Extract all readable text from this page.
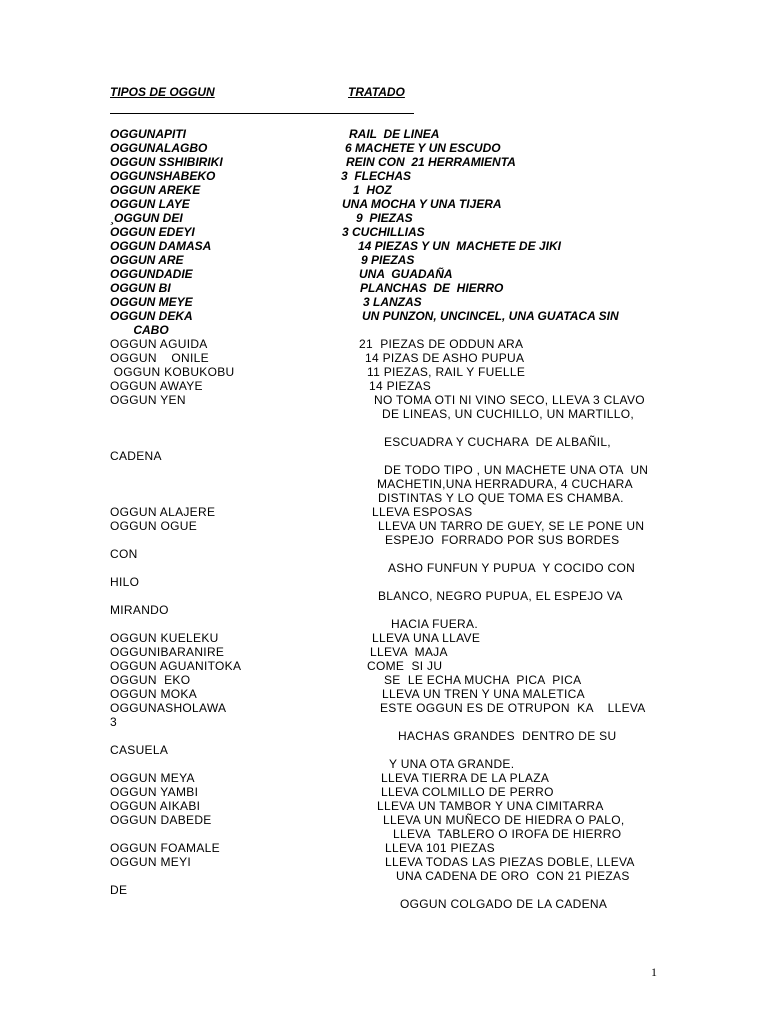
TIPOS DE OGGUN	TRATADO
OGGUNAPITI	RAIL  DE LINEA
OGGUNALAGBO	6 MACHETE Y UN ESCUDO
OGGUN SSHIBIRIKI	REIN CON  21 HERRAMIENTA
OGGUNSHABEKO	3  FLECHAS
OGGUN AREKE	1  HOZ
OGGUN LAYE	UNA MOCHA Y UNA TIJERA
¸OGGUN DEI	9  PIEZAS
OGGUN EDEYI	3 CUCHILLIAS
OGGUN DAMASA	14 PIEZAS Y UN  MACHETE DE JIKI
OGGUN ARE	9 PIEZAS
OGGUNDADIE	UNA  GUADAÑA
OGGUN BI	PLANCHAS  DE  HIERRO
OGGUN MEYE	3 LANZAS
OGGUN DEKA	UN PUNZON, UNCINCEL, UNA GUATACA SIN
CABO
OGGUN AGUIDA	21  PIEZAS DE ODDUN ARA
OGGUN    ONILE	14 PIZAS DE ASHO PUPUA
OGGUN KOBUKOBU	11 PIEZAS, RAIL Y FUELLE
OGGUN AWAYE	14 PIEZAS
OGGUN YEN	NO TOMA OTI NI VINO SECO, LLEVA 3 CLAVO
DE LINEAS, UN CUCHILLO, UN MARTILLO,
ESCUADRA Y CUCHARA  DE ALBAÑIL,
CADENA
DE TODO TIPO , UN MACHETE UNA OTA  UN
MACHETIN,UNA HERRADURA, 4 CUCHARA
DISTINTAS Y LO QUE TOMA ES CHAMBA.
OGGUN ALAJERE	LLEVA ESPOSAS
OGGUN OGUE	LLEVA UN TARRO DE GUEY, SE LE PONE UN
ESPEJO  FORRADO POR SUS BORDES
CON
ASHO FUNFUN Y PUPUA  Y COCIDO CON
HILO
BLANCO, NEGRO PUPUA, EL ESPEJO VA
MIRANDO
HACIA FUERA.
OGGUN KUELEKU	LLEVA UNA LLAVE
OGGUNIBARANIRE	LLEVA  MAJA
OGGUN AGUANITOKA	COME  SI JU
OGGUN  EKO	SE  LE ECHA MUCHA  PICA  PICA
OGGUN MOKA	LLEVA UN TREN Y UNA MALETICA
OGGUNASHOLAWA	ESTE OGGUN ES DE OTRUPON  KA    LLEVA
3
HACHAS GRANDES  DENTRO DE SU
CASUELA
Y UNA OTA GRANDE.
OGGUN MEYA	LLEVA TIERRA DE LA PLAZA
OGGUN YAMBI	LLEVA COLMILLO DE PERRO
OGGUN AIKABI	LLEVA UN TAMBOR Y UNA CIMITARRA
OGGUN DABEDE	LLEVA UN MUÑECO DE HIEDRA O PALO,
LLEVA  TABLERO O IROFA DE HIERRO
OGGUN FOAMALE	LLEVA 101 PIEZAS
OGGUN MEYI	LLEVA TODAS LAS PIEZAS DOBLE, LLEVA
UNA CADENA DE ORO  CON 21 PIEZAS
DE
OGGUN COLGADO DE LA CADENA
1
